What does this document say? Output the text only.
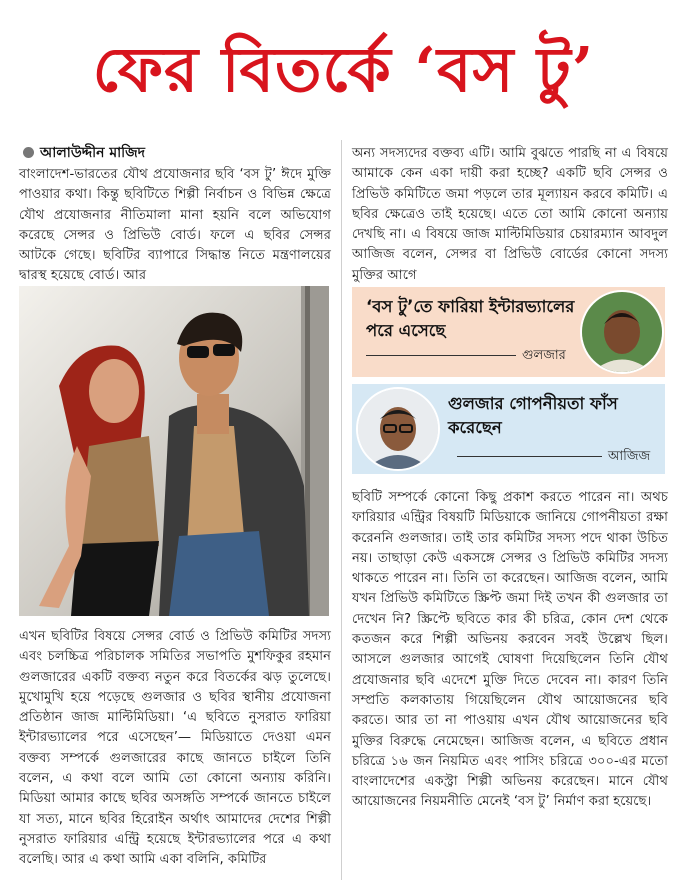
ফের বিতর্কে ‘বস টু’
আলাউদ্দীন মাজিদ
বাংলাদেশ-ভারতের যৌথ প্রযোজনার ছবি ‘বস টু’ ঈদে মুক্তি পাওয়ার কথা। কিন্তু ছবিটিতে শিল্পী নির্বাচন ও বিভিন্ন ক্ষেত্রে যৌথ প্রযোজনার নীতিমালা মানা হয়নি বলে অভিযোগ করেছে সেন্সর ও প্রিভিউ বোর্ড। ফলে এ ছবির সেন্সর আটকে গেছে। ছবিটির ব্যাপারে সিদ্ধান্ত নিতে মন্ত্রণালয়ের দ্বারস্থ হয়েছে বোর্ড। আর
এখন ছবিটির বিষয়ে সেন্সর বোর্ড ও প্রিভিউ কমিটির সদস্য এবং চলচ্চিত্র পরিচালক সমিতির সভাপতি মুশফিকুর রহমান গুলজারের একটি বক্তব্য নতুন করে বিতর্কের ঝড় তুলেছে। মুখোমুখি হয়ে পড়েছে গুলজার ও ছবির স্থানীয় প্রযোজনা প্রতিষ্ঠান জাজ মাল্টিমিডিয়া। ‘এ ছবিতে নুসরাত ফারিয়া ইন্টারভ্যালের পরে এসেছেন’— মিডিয়াতে দেওয়া এমন বক্তব্য সম্পর্কে গুলজারের কাছে জানতে চাইলে তিনি বলেন, এ কথা বলে আমি তো কোনো অন্যায় করিনি। মিডিয়া আমার কাছে ছবির অসঙ্গতি সম্পর্কে জানতে চাইলে যা সত্য, মানে ছবির হিরোইন অর্থাৎ আমাদের দেশের শিল্পী নুসরাত ফারিয়ার এন্ট্রি হয়েছে ইন্টারভ্যালের পরে এ কথা বলেছি। আর এ কথা আমি একা বলিনি, কমিটির
অন্য সদস্যদের বক্তব্য এটি। আমি বুঝতে পারছি না এ বিষয়ে আমাকে কেন একা দায়ী করা হচ্ছে? একটি ছবি সেন্সর ও প্রিভিউ কমিটিতে জমা পড়লে তার মূল্যায়ন করবে কমিটি। এ ছবির ক্ষেত্রেও তাই হয়েছে। এতে তো আমি কোনো অন্যায় দেখছি না। এ বিষয়ে জাজ মাল্টিমিডিয়ার চেয়ারম্যান আবদুল আজিজ বলেন, সেন্সর বা প্রিভিউ বোর্ডের কোনো সদস্য মুক্তির আগে
‘বস টু’তে ফারিয়া ইন্টারভ্যালের পরে এসেছে
গুলজার
গুলজার গোপনীয়তা ফাঁস করেছেন
আজিজ
ছবিটি সম্পর্কে কোনো কিছু প্রকাশ করতে পারেন না। অথচ ফারিয়ার এন্ট্রির বিষয়টি মিডিয়াকে জানিয়ে গোপনীয়তা রক্ষা করেননি গুলজার। তাই তার কমিটির সদস্য পদে থাকা উচিত নয়। তাছাড়া কেউ একসঙ্গে সেন্সর ও প্রিভিউ কমিটির সদস্য থাকতে পারেন না। তিনি তা করেছেন। আজিজ বলেন, আমি যখন প্রিভিউ কমিটিতে স্ক্রিপ্ট জমা দিই তখন কী গুলজার তা দেখেন নি? স্ক্রিপ্টে ছবিতে কার কী চরিত্র, কোন দেশ থেকে কতজন করে শিল্পী অভিনয় করবেন সবই উল্লেখ ছিল। আসলে গুলজার আগেই ঘোষণা দিয়েছিলেন তিনি যৌথ প্রযোজনার ছবি এদেশে মুক্তি দিতে দেবেন না। কারণ তিনি সম্প্রতি কলকাতায় গিয়েছিলেন যৌথ আয়োজনের ছবি করতে। আর তা না পাওয়ায় এখন যৌথ আয়োজনের ছবি মুক্তির বিরুদ্ধে নেমেছেন। আজিজ বলেন, এ ছবিতে প্রধান চরিত্রে ১৬ জন নিয়মিত এবং পাসিং চরিত্রে ৩০০-এর মতো বাংলাদেশের একস্ট্রা শিল্পী অভিনয় করেছেন। মানে যৌথ আয়োজনের নিয়মনীতি মেনেই ‘বস টু’ নির্মাণ করা হয়েছে।
